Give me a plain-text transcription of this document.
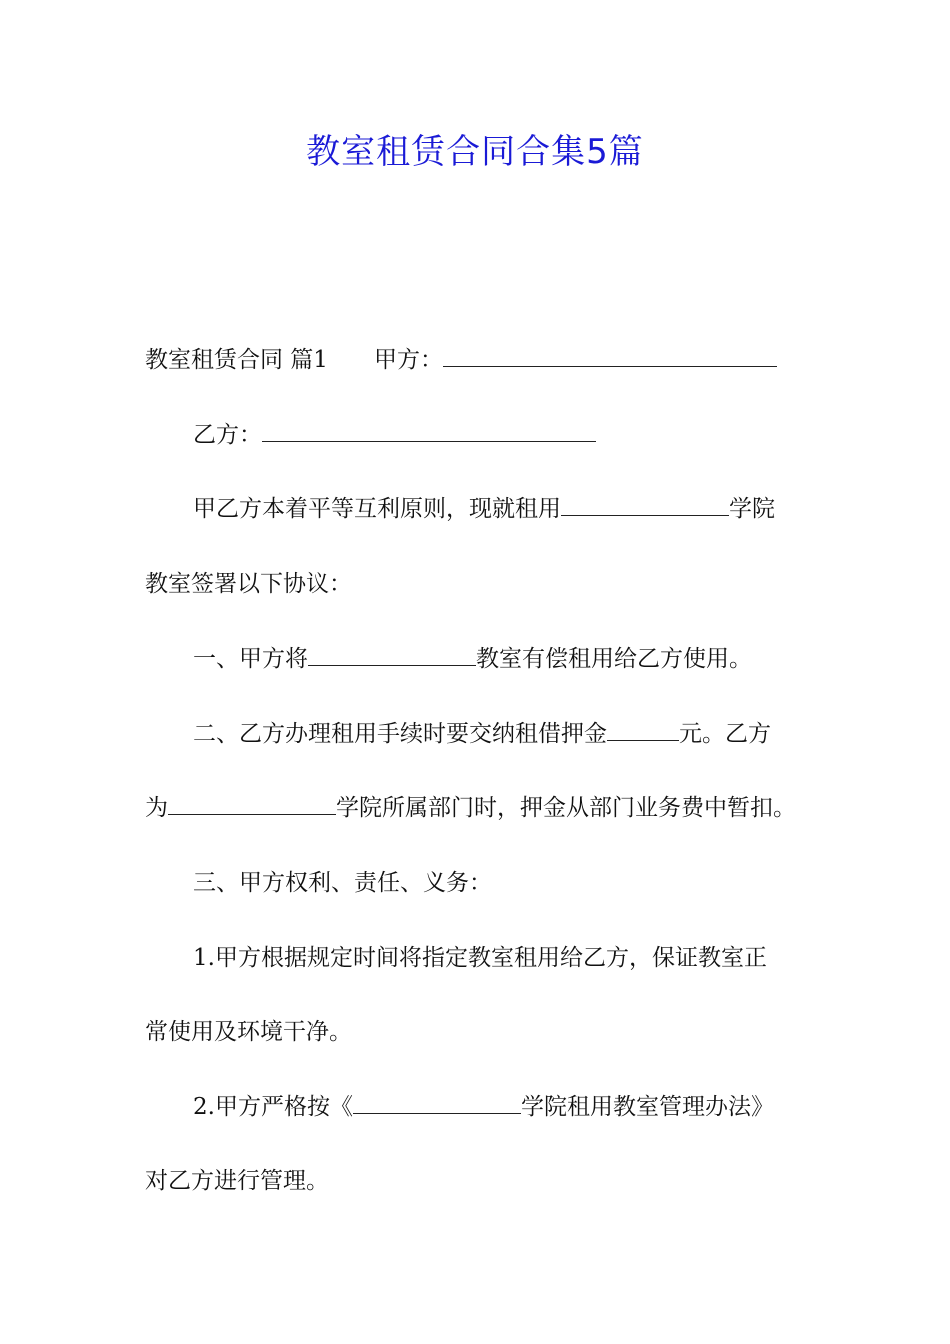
教室租赁合同合集5篇
教室租赁合同 篇1 甲方：
乙方：
甲乙方本着平等互利原则，现就租用	学院
教室签署以下协议：
一、甲方将	教室有偿租用给乙方使用。
二、乙方办理租用手续时要交纳租借押金	元。乙方
为	学院所属部门时，押金从部门业务费中暂扣。
三、甲方权利、责任、义务：
1.甲方根据规定时间将指定教室租用给乙方，保证教室正
常使用及环境干净。
2.甲方严格按《	学院租用教室管理办法》
对乙方进行管理。
